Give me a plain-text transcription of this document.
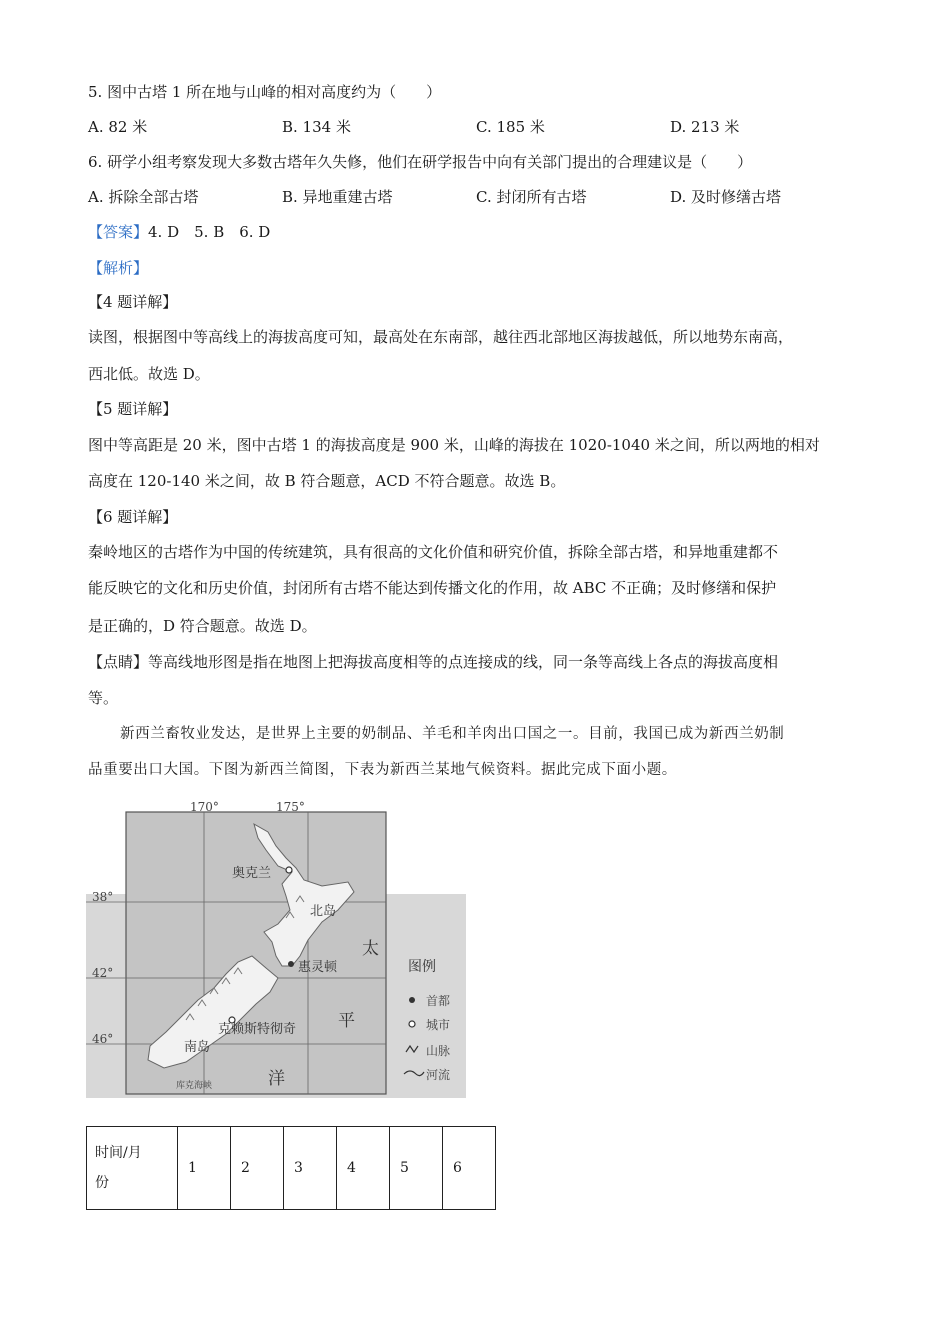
5. 图中古塔 1 所在地与山峰的相对高度约为（　　）
A. 82 米	B. 134 米	C. 185 米	D. 213 米
6. 研学小组考察发现大多数古塔年久失修，他们在研学报告中向有关部门提出的合理建议是（　　）
A. 拆除全部古塔	B. 异地重建古塔	C. 封闭所有古塔	D. 及时修缮古塔
【答案】4. D　5. B　6. D
【解析】
【4 题详解】
读图，根据图中等高线上的海拔高度可知，最高处在东南部，越往西北部地区海拔越低，所以地势东南高，
西北低。故选 D。
【5 题详解】
图中等高距是 20 米，图中古塔 1 的海拔高度是 900 米，山峰的海拔在 1020-1040 米之间，所以两地的相对
高度在 120-140 米之间，故 B 符合题意，ACD 不符合题意。故选 B。
【6 题详解】
秦岭地区的古塔作为中国的传统建筑，具有很高的文化价值和研究价值，拆除全部古塔，和异地重建都不
能反映它的文化和历史价值，封闭所有古塔不能达到传播文化的作用，故 ABC 不正确；及时修缮和保护
是正确的，D 符合题意。故选 D。
【点睛】等高线地形图是指在地图上把海拔高度相等的点连接成的线，同一条等高线上各点的海拔高度相
等。
新西兰畜牧业发达，是世界上主要的奶制品、羊毛和羊肉出口国之一。目前，我国已成为新西兰奶制
品重要出口大国。下图为新西兰简图，下表为新西兰某地气候资料。据此完成下面小题。
170°	175°
38°
42°
46°
奥克兰
惠灵顿
克赖斯特彻奇
北岛
南岛
太
平
洋
图例
首都
城市
山脉
河流
库克海峡
时间/月
份
	1	2	3	4	5	6
